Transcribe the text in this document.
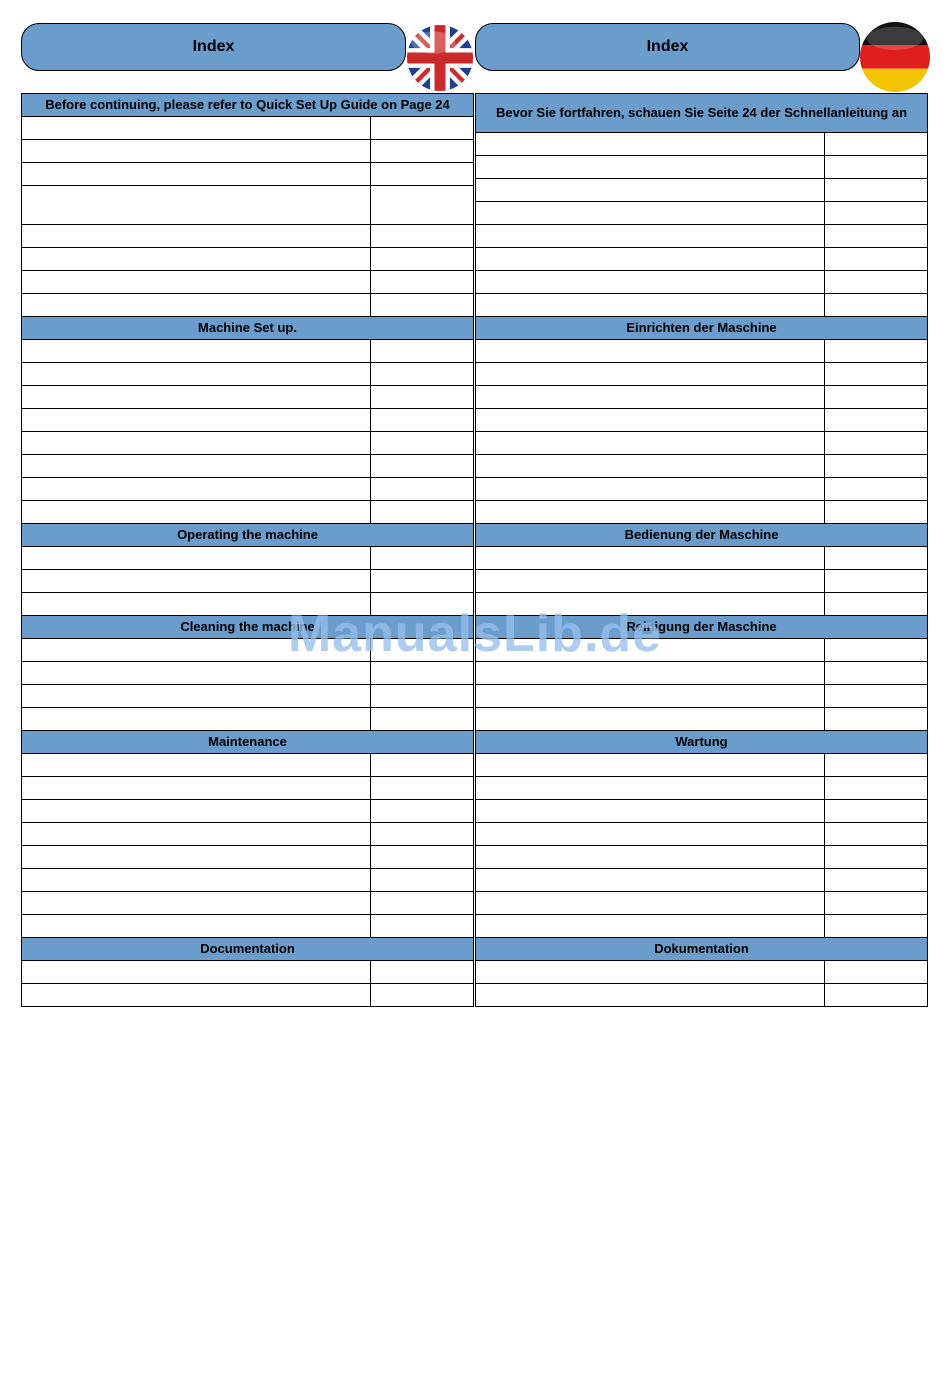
Index	Index
Before continuing, please refer to Quick Set Up Guide on Page 24	

Machine Set up.	

Operating the machine	

Cleaning the machine	

Maintenance	

Documentation	

Bevor Sie fortfahren, schauen Sie Seite 24 der Schnellanleitung an	

Einrichten der Maschine	

Bedienung der Maschine	

Reinigung der Maschine	

Wartung	

Dokumentation	

ManualsLib.de
